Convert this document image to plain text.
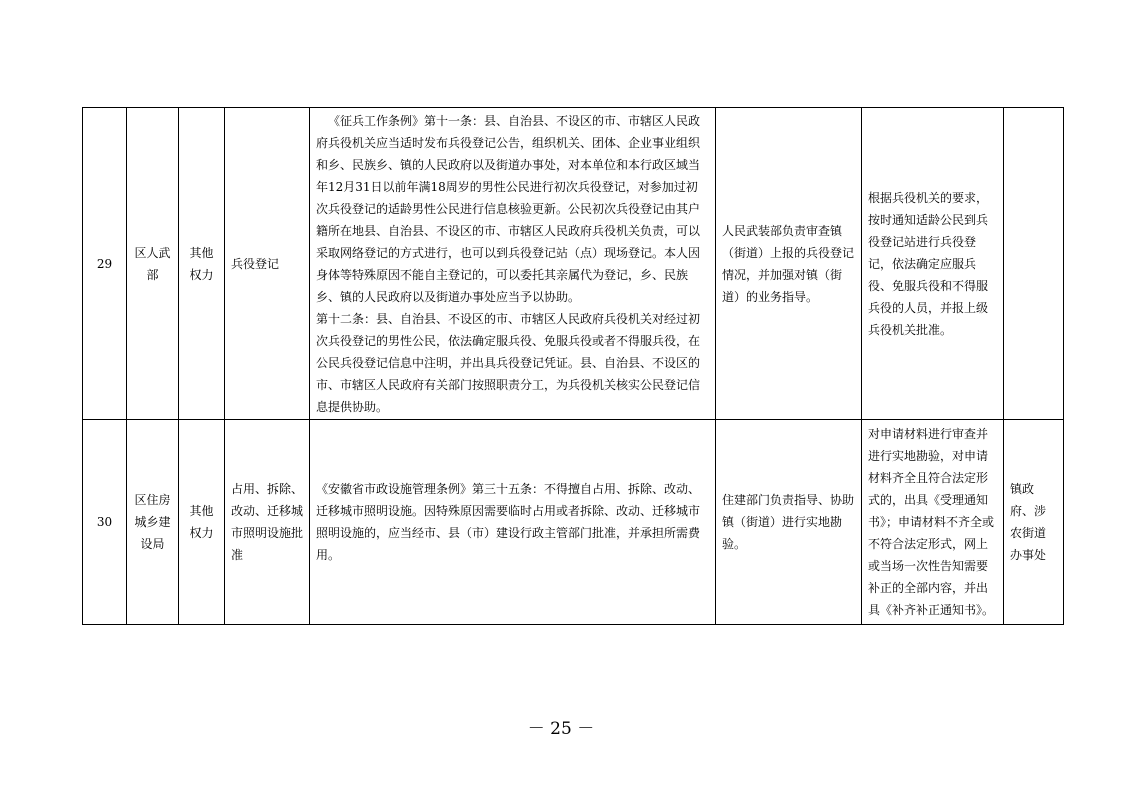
29	区人武部	其他权力	兵役登记	《征兵工作条例》第十一条：县、自治县、不设区的市、市辖区人民政府兵役机关应当适时发布兵役登记公告，组织机关、团体、企业事业组织和乡、民族乡、镇的人民政府以及街道办事处，对本单位和本行政区域当年12月31日以前年满18周岁的男性公民进行初次兵役登记，对参加过初次兵役登记的适龄男性公民进行信息核验更新。公民初次兵役登记由其户籍所在地县、自治县、不设区的市、市辖区人民政府兵役机关负责，可以采取网络登记的方式进行，也可以到兵役登记站（点）现场登记。本人因身体等特殊原因不能自主登记的，可以委托其亲属代为登记，乡、民族乡、镇的人民政府以及街道办事处应当予以协助。

第十二条：县、自治县、不设区的市、市辖区人民政府兵役机关对经过初次兵役登记的男性公民，依法确定服兵役、免服兵役或者不得服兵役，在公民兵役登记信息中注明，并出具兵役登记凭证。县、自治县、不设区的市、市辖区人民政府有关部门按照职责分工，为兵役机关核实公民登记信息提供协助。	人民武装部负责审查镇（街道）上报的兵役登记情况，并加强对镇（街道）的业务指导。	根据兵役机关的要求，按时通知适龄公民到兵役登记站进行兵役登记，依法确定应服兵役、免服兵役和不得服兵役的人员，并报上级兵役机关批准。	
30	区住房城乡建设局	其他权力	占用、拆除、改动、迁移城市照明设施批准	《安徽省市政设施管理条例》第三十五条：不得擅自占用、拆除、改动、迁移城市照明设施。因特殊原因需要临时占用或者拆除、改动、迁移城市照明设施的，应当经市、县（市）建设行政主管部门批准，并承担所需费用。	住建部门负责指导、协助镇（街道）进行实地勘验。	对申请材料进行审查并进行实地勘验，对申请材料齐全且符合法定形式的，出具《受理通知书》；申请材料不齐全或不符合法定形式，网上或当场一次性告知需要补正的全部内容，并出具《补齐补正通知书》。	镇政府、涉农街道办事处
－ 25 －
